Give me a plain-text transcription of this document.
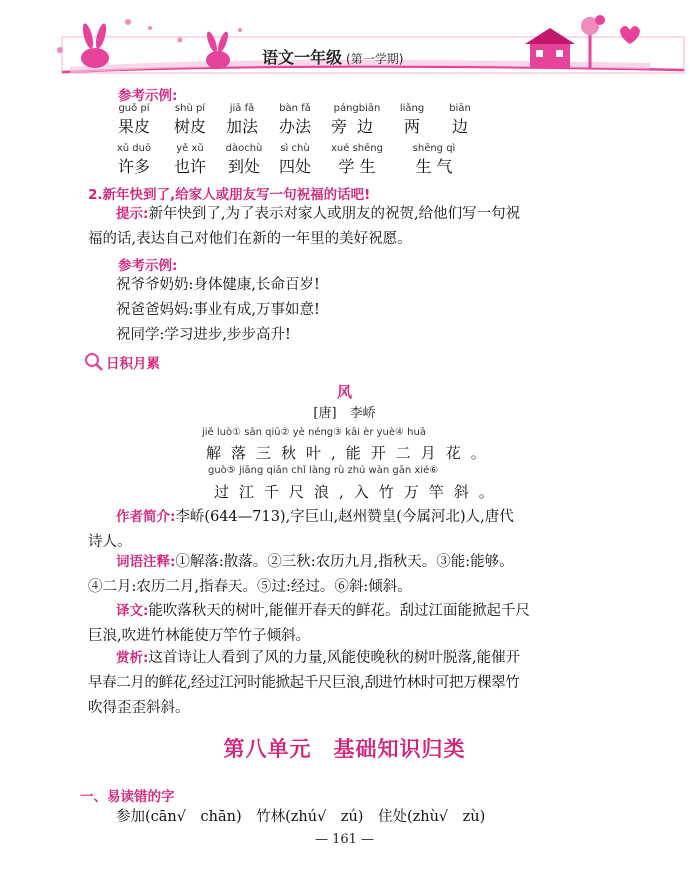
语文一年级 (第一学期)
参考示例:
guǒ pí
果皮
shù pí
树皮
jiā fǎ
加法
bàn fǎ
办法
pángbiān
旁边
liǎng
两
biān
边
xǔ duō
许多
yě xǔ
也许
dàochù
到处
sì chù
四处
xué shēng
学 生
shēng qì
生 气
2.新年快到了,给家人或朋友写一句祝福的话吧!
提示:新年快到了,为了表示对家人或朋友的祝贺,给他们写一句祝
福的话,表达自己对他们在新的一年里的美好祝愿。
参考示例:
祝爷爷奶奶:身体健康,长命百岁!
祝爸爸妈妈:事业有成,万事如意!
祝同学:学习进步,步步高升!
日积月累
风
[唐]　 李峤
jiě luò① sān qiū② yè néng③ kāi èr yuè④ huā
解落三秋叶,能开二月花。
guò⑤ jiāng qiān chǐ làng rù zhú wàn gān xié⑥
过江千尺浪,入竹万竿斜。
作者简介:李峤(644—713),字巨山,赵州赞皇(今属河北)人,唐代
诗人。
词语注释:①解落:散落。②三秋:农历九月,指秋天。③能:能够。
④二月:农历二月,指春天。⑤过:经过。⑥斜:倾斜。
译文:能吹落秋天的树叶,能催开春天的鲜花。刮过江面能掀起千尺
巨浪,吹进竹林能使万竿竹子倾斜。
赏析:这首诗让人看到了风的力量,风能使晚秋的树叶脱落,能催开
早春二月的鲜花,经过江河时能掀起千尺巨浪,刮进竹林时可把万棵翠竹
吹得歪歪斜斜。
第八单元　基础知识归类
一、易读错的字
参加(cān√　chān)　竹林(zhú√　zú)　住处(zhù√　zù)
— 161 —
